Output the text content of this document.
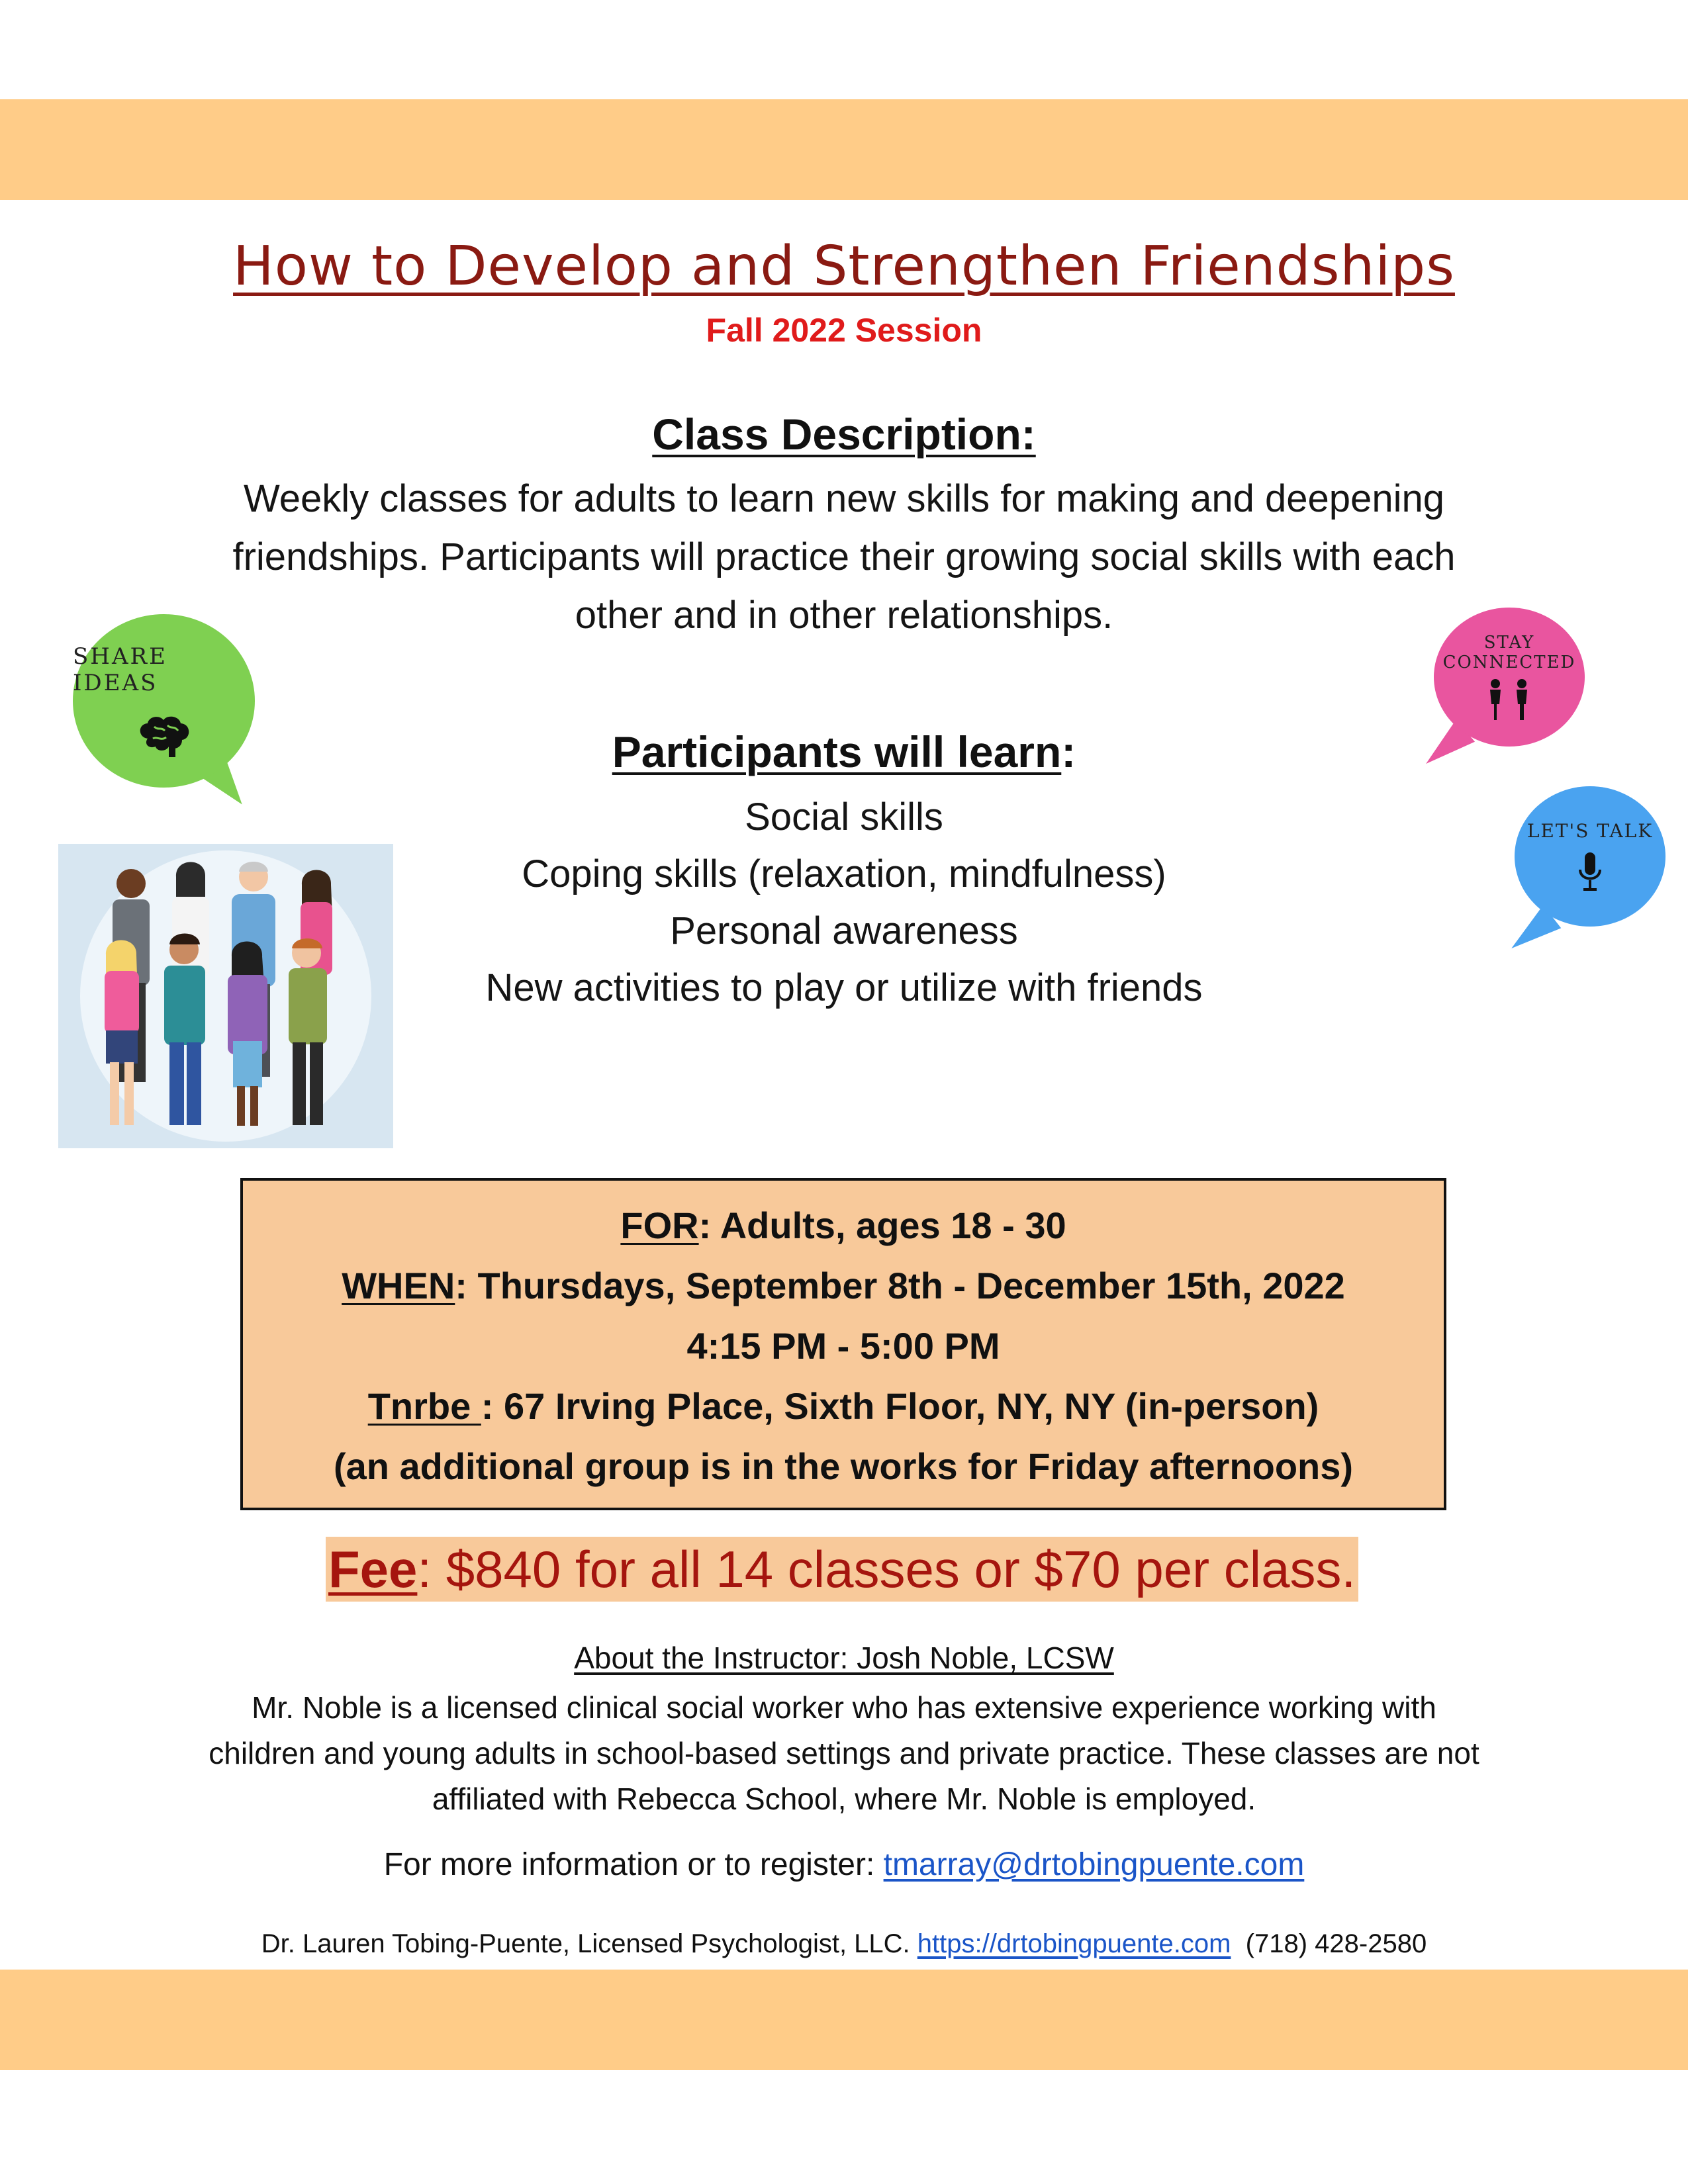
How to Develop and Strengthen Friendships
Fall 2022 Session
Class Description:
Weekly classes for adults to learn new skills for making and deepening friendships. Participants will practice their growing social skills with each other and in other relationships.
SHARE IDEAS
STAY
CONNECTED
LET'S TALK
Participants will learn:
Social skills
Coping skills (relaxation, mindfulness)
Personal awareness
New activities to play or utilize with friends
FOR: Adults, ages 18 - 30
WHEN: Thursdays, September 8th - December 15th, 2022
4:15 PM - 5:00 PM
Tnrbe : 67 Irving Place, Sixth Floor, NY, NY (in-person)
(an additional group is in the works for Friday afternoons)
Fee: $840 for all 14 classes or $70 per class.
About the Instructor: Josh Noble, LCSW
Mr. Noble is a licensed clinical social worker who has extensive experience working with children and young adults in school-based settings and private practice. These classes are not affiliated with Rebecca School, where Mr. Noble is employed.
For more information or to register: tmarray@drtobingpuente.com
Dr. Lauren Tobing-Puente, Licensed Psychologist, LLC. https://drtobingpuente.com  (718) 428-2580
